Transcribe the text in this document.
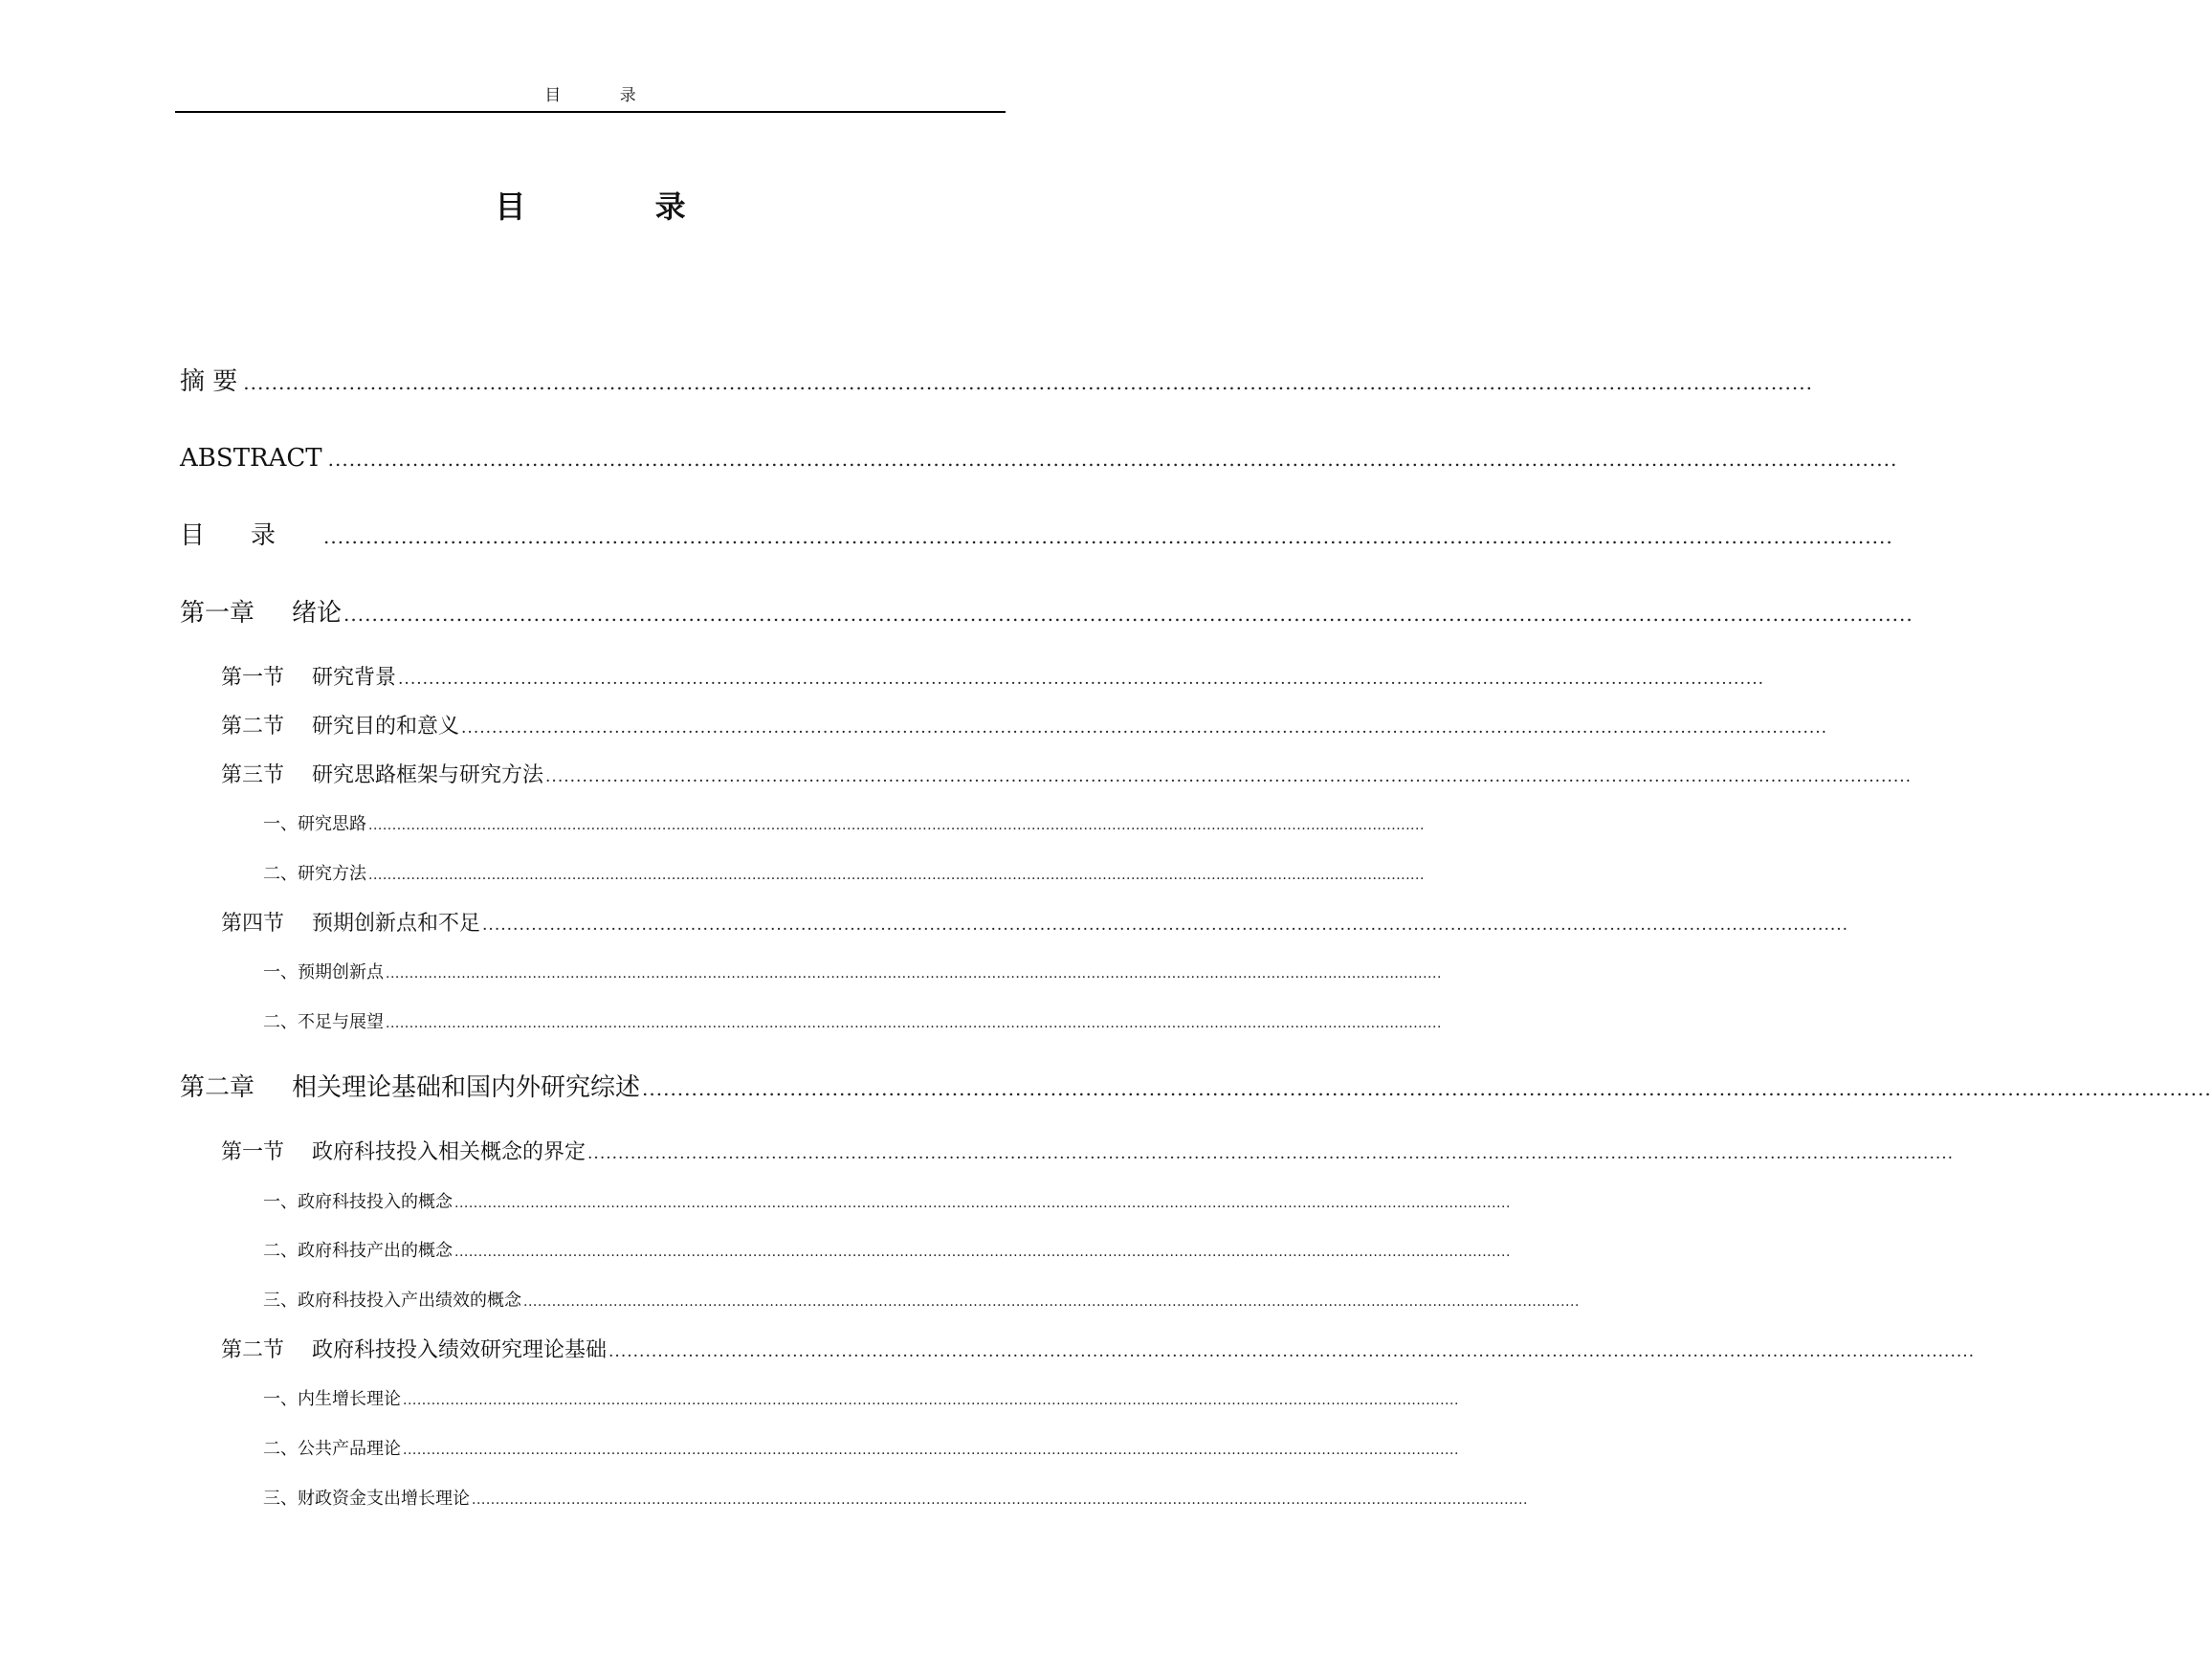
目 录
目 录
摘 要 ...............................................................................................................................................................................................................................
ABSTRACT ...............................................................................................................................................................................................................................
目录 ...............................................................................................................................................................................................................................
第一章	绪论 ...............................................................................................................................................................................................................................
第一节	研究背景 ...............................................................................................................................................................................................................................
第二节	研究目的和意义 ...............................................................................................................................................................................................................................
第三节	研究思路框架与研究方法 ...............................................................................................................................................................................................................................
一、研究思路 ...............................................................................................................................................................................................................................
二、研究方法 ...............................................................................................................................................................................................................................
第四节	预期创新点和不足 ...............................................................................................................................................................................................................................
一、预期创新点 ...............................................................................................................................................................................................................................
二、不足与展望 ...............................................................................................................................................................................................................................
第二章	相关理论基础和国内外研究综述 ...............................................................................................................................................................................................................................
第一节	政府科技投入相关概念的界定 ...............................................................................................................................................................................................................................
一、政府科技投入的概念 ...............................................................................................................................................................................................................................
二、政府科技产出的概念 ...............................................................................................................................................................................................................................
三、政府科技投入产出绩效的概念 ...............................................................................................................................................................................................................................
第二节	政府科技投入绩效研究理论基础 ...............................................................................................................................................................................................................................
一、内生增长理论 ...............................................................................................................................................................................................................................
二、公共产品理论 ...............................................................................................................................................................................................................................
三、财政资金支出增长理论 ...............................................................................................................................................................................................................................
